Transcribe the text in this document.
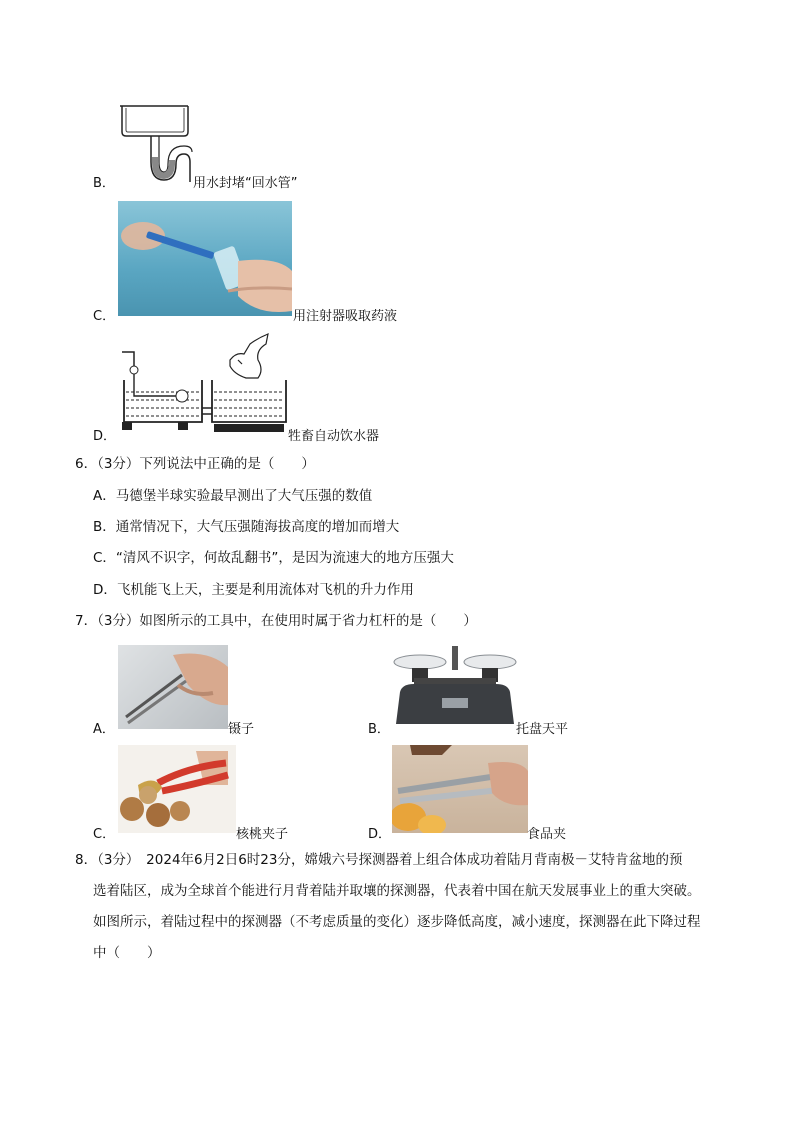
B．	用水封堵“回水管”
C．	用注射器吸取药液
D．	牲畜自动饮水器
6．（3分）下列说法中正确的是（　　）
A．马德堡半球实验最早测出了大气压强的数值
B．通常情况下，大气压强随海拔高度的增加而增大
C．“清风不识字，何故乱翻书”，是因为流速大的地方压强大
D．飞机能飞上天，主要是利用流体对飞机的升力作用
7．（3分）如图所示的工具中，在使用时属于省力杠杆的是（　　）
A．	镊子	B．	托盘天平
C．	核桃夹子	D．	食品夹
8．（3分）　2024年6月2日6时23分，嫦娥六号探测器着上组合体成功着陆月背南极－艾特肯盆地的预
选着陆区，成为全球首个能进行月背着陆并取壤的探测器，代表着中国在航天发展事业上的重大突破。
如图所示，着陆过程中的探测器（不考虑质量的变化）逐步降低高度，减小速度，探测器在此下降过程
中（　　）
